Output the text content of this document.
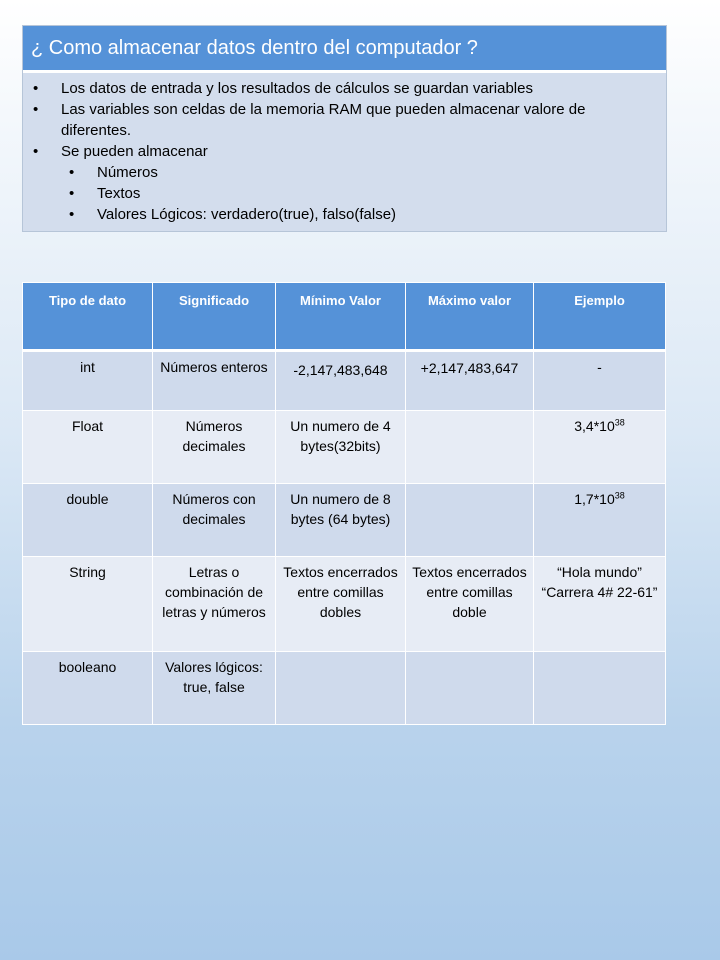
¿ Como almacenar datos dentro del computador ?
• Los datos de entrada y los resultados de cálculos se guardan variables
• Las variables son celdas de la memoria RAM que pueden almacenar valore de diferentes.
• Se pueden almacenar
• Números
• Textos
• Valores Lógicos: verdadero(true), falso(false)
Tipo de dato	Significado	Mínimo Valor	Máximo valor	Ejemplo
int	Números enteros	-2,147,483,648	+2,147,483,647	-
Float	Números decimales	Un numero de 4 bytes(32bits)		$3,4*10^{38}$
double	Números con decimales	Un numero de 8 bytes (64 bytes)		$1,7*10^{38}$
String	Letras o combinación de letras y números	Textos encerrados entre comillas dobles	Textos encerrados entre comillas doble	“Hola mundo”
“Carrera 4# 22-61”

booleano	Valores lógicos: true, false			
